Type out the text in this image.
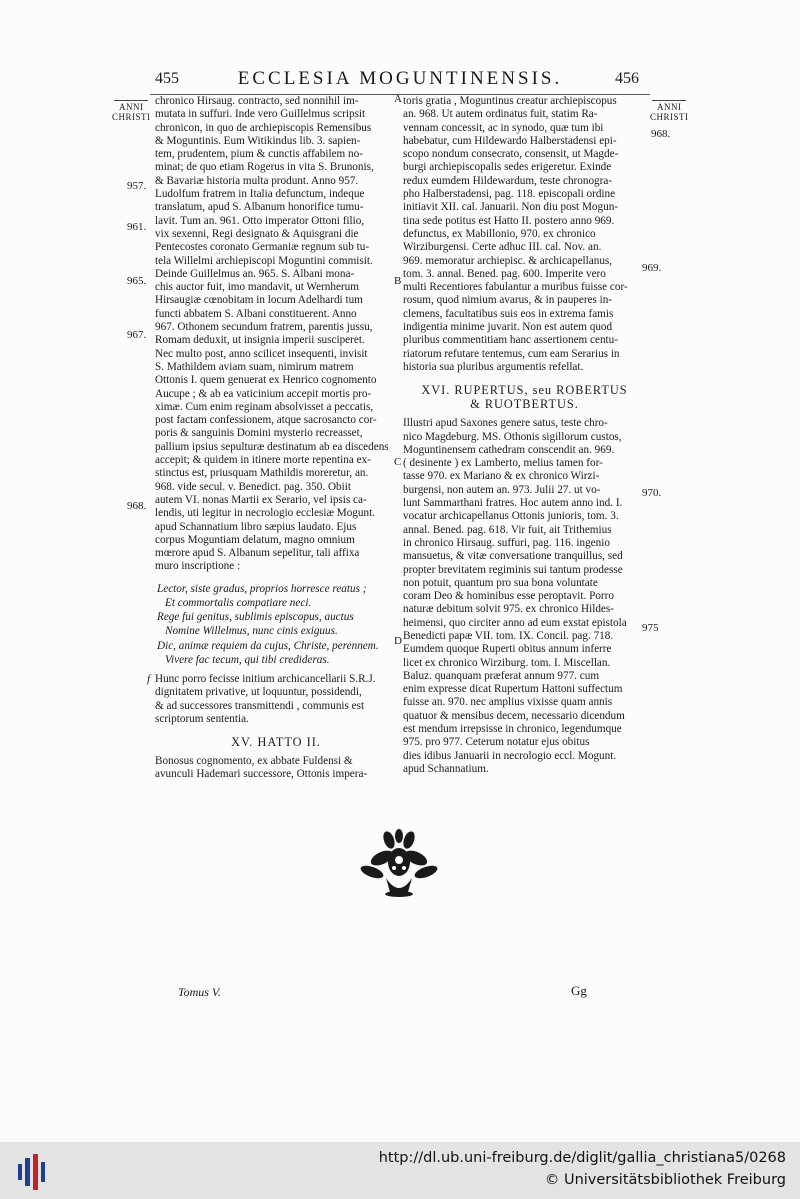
455	ECCLESIA MOGUNTINENSIS.	456
ANNI
CHRISTI
ANNI
CHRISTI
968.
957.
961.
965.
967.
968.
969.
970.
975
A
B
C
D
f
chronico Hirsaug. contracto, sed nonnihil im-
mutata in suffuri. Inde vero Guillelmus scripsit
chronicon, in quo de archiepiscopis Remensibus
& Moguntinis. Eum Witikindus lib. 3. sapien-
tem, prudentem, pium & cunctis affabilem no-
minat; de quo etiam Rogerus in vita S. Brunonis,
& Bavariæ historia multa produnt. Anno 957.
Ludolfum fratrem in Italia defunctum, indeque
translatum, apud S. Albanum honorifice tumu-
lavit. Tum an. 961. Otto imperator Ottoni filio,
vix sexenni, Regi designato & Aquisgrani die
Pentecostes coronato Germaniæ regnum sub tu-
tela Willelmi archiepiscopi Moguntini commisit.
Deinde Guillelmus an. 965. S. Albani mona-
chis auctor fuit, imo mandavit, ut Wernherum
Hirsaugiæ cœnobitam in locum Adelhardi tum
functi abbatem S. Albani constituerent. Anno
967. Othonem secundum fratrem, parentis jussu,
Romam deduxit, ut insignia imperii susciperet.
Nec multo post, anno scilicet insequenti, invisit
S. Mathildem aviam suam, nimirum matrem
Ottonis I. quem genuerat ex Henrico cognomento
Aucupe ; & ab ea vaticinium accepit mortis pro-
ximæ. Cum enim reginam absolvisset a peccatis,
post factam confessionem, atque sacrosancto cor-
poris & sanguinis Domini mysterio recreasset,
pallium ipsius sepulturæ destinatum ab ea discedens
accepit; & quidem in itinere morte repentina ex-
stinctus est, priusquam Mathildis moreretur, an.
968. vide secul. v. Benedict. pag. 350. Obiit
autem VI. nonas Martii ex Serario, vel ipsis ca-
lendis, uti legitur in necrologio ecclesiæ Mogunt.
apud Schannatium libro sæpius laudato. Ejus
corpus Moguntiam delatum, magno omnium
mœrore apud S. Albanum sepelitur, tali affixa
muro inscriptione :
Lector, siste gradus, proprios horresce reatus ;
Et commortalis compatiare neci.
Rege fui genitus, sublimis episcopus, auctus
Nomine Willelmus, nunc cinis exiguus.
Dic, animæ requiem da cujus, Christe, perennem.
Vivere fac tecum, qui tibi credideras.
Hunc porro fecisse initium archicancellarii S.R.J.
dignitatem privative, ut loquuntur, possidendi,
& ad successores transmittendi , communis est
scriptorum sententia.
XV. HATTO II.
Bonosus cognomento, ex abbate Fuldensi &
avunculi Hademari successore, Ottonis impera-
toris gratia , Moguntinus creatur archiepiscopus
an. 968. Ut autem ordinatus fuit, statim Ra-
vennam concessit, ac in synodo, quæ tum ibi
habebatur, cum Hildewardo Halberstadensi epi-
scopo nondum consecrato, consensit, ut Magde-
burgi archiepiscopalis sedes erigeretur. Exinde
redux eumdem Hildewardum, teste chronogra-
pho Halberstadensi, pag. 118. episcopali ordine
initiavit XII. cal. Januarii. Non diu post Mogun-
tina sede potitus est Hatto II. postero anno 969.
defunctus, ex Mabillonio, 970. ex chronico
Wirziburgensi. Certe adhuc III. cal. Nov. an.
969. memoratur archiepisc. & archicapellanus,
tom. 3. annal. Bened. pag. 600. Imperite vero
multi Recentiores fabulantur a muribus fuisse cor-
rosum, quod nimium avarus, & in pauperes in-
clemens, facultatibus suis eos in extrema famis
indigentia minime juvarit. Non est autem quod
pluribus commentitiam hanc assertionem centu-
riatorum refutare tentemus, cum eam Serarius in
historia sua pluribus argumentis refellat.
XVI. RUPERTUS, seu ROBERTUS
& RUOTBERTUS.
Illustri apud Saxones genere satus, teste chro-
nico Magdeburg. MS. Othonis sigillorum custos,
Moguntinensem cathedram conscendit an. 969.
( desinente ) ex Lamberto, melius tamen for-
tasse 970. ex Mariano & ex chronico Wirzi-
burgensi, non autem an. 973. Julii 27. ut vo-
lunt Sammarthani fratres. Hoc autem anno ind. I.
vocatur archicapellanus Ottonis junioris, tom. 3.
annal. Bened. pag. 618. Vir fuit, ait Trithemius
in chronico Hirsaug. suffuri, pag. 116. ingenio
mansuetus, & vitæ conversatione tranquillus, sed
propter brevitatem regiminis sui tantum prodesse
non potuit, quantum pro sua bona voluntate
coram Deo & hominibus esse peroptavit. Porro
naturæ debitum solvit 975. ex chronico Hildes-
heimensi, quo circiter anno ad eum exstat epistola
Benedicti papæ VII. tom. IX. Concil. pag. 718.
Eumdem quoque Ruperti obitus annum inferre
licet ex chronico Wirziburg. tom. I. Miscellan.
Baluz. quanquam præferat annum 977. cum
enim expresse dicat Rupertum Hattoni suffectum
fuisse an. 970. nec amplius vixisse quam annis
quatuor & mensibus decem, necessario dicendum
est mendum irrepsisse in chronico, legendumque
975. pro 977. Ceterum notatur ejus obitus
dies idibus Januarii in necrologio eccl. Mogunt.
apud Schannatium.
Tomus V.	Gg
http://dl.ub.uni-freiburg.de/diglit/gallia_christiana5/0268
© Universitätsbibliothek Freiburg
